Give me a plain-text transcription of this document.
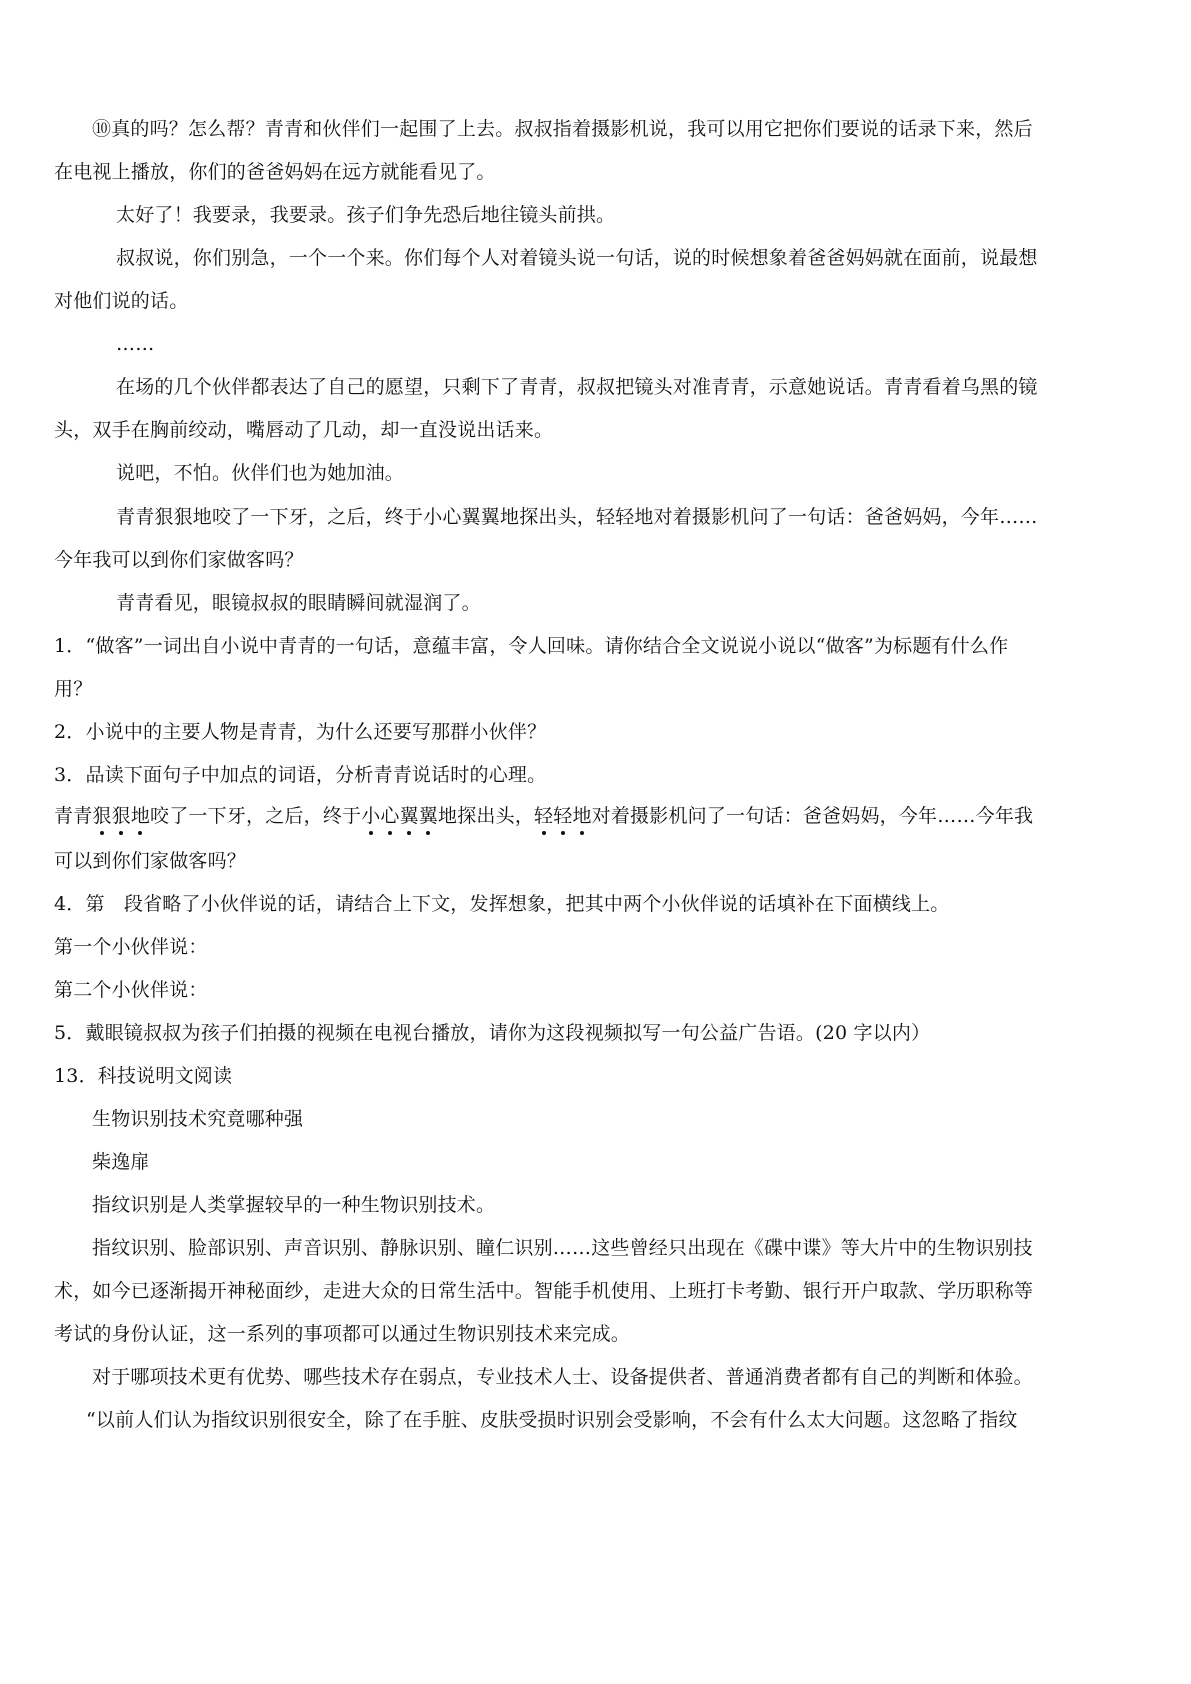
⑩真的吗？怎么帮？青青和伙伴们一起围了上去。叔叔指着摄影机说，我可以用它把你们要说的话录下来，然后
在电视上播放，你们的爸爸妈妈在远方就能看见了。
太好了！我要录，我要录。孩子们争先恐后地往镜头前拱。
叔叔说，你们别急，一个一个来。你们每个人对着镜头说一句话，说的时候想象着爸爸妈妈就在面前，说最想
对他们说的话。
……
在场的几个伙伴都表达了自己的愿望，只剩下了青青，叔叔把镜头对准青青，示意她说话。青青看着乌黑的镜
头，双手在胸前绞动，嘴唇动了几动，却一直没说出话来。
说吧，不怕。伙伴们也为她加油。
青青狠狠地咬了一下牙，之后，终于小心翼翼地探出头，轻轻地对着摄影机问了一句话：爸爸妈妈，今年……
今年我可以到你们家做客吗？
青青看见，眼镜叔叔的眼睛瞬间就湿润了。
1．“做客”一词出自小说中青青的一句话，意蕴丰富，令人回味。请你结合全文说说小说以“做客”为标题有什么作
用？
2．小说中的主要人物是青青，为什么还要写那群小伙伴？
3．品读下面句子中加点的词语，分析青青说话时的心理。
青青狠狠地咬了一下牙，之后，终于小心翼翼地探出头，轻轻地对着摄影机问了一句话：爸爸妈妈，今年……今年我
可以到你们家做客吗？
4．第　段省略了小伙伴说的话，请结合上下文，发挥想象，把其中两个小伙伴说的话填补在下面横线上。
第一个小伙伴说：
第二个小伙伴说：
5．戴眼镜叔叔为孩子们拍摄的视频在电视台播放，请你为这段视频拟写一句公益广告语。(20 字以内）
13．科技说明文阅读
生物识别技术究竟哪种强
柴逸扉
指纹识别是人类掌握较早的一种生物识别技术。
指纹识别、脸部识别、声音识别、静脉识别、瞳仁识别……这些曾经只出现在《碟中谍》等大片中的生物识别技
术，如今已逐渐揭开神秘面纱，走进大众的日常生活中。智能手机使用、上班打卡考勤、银行开户取款、学历职称等
考试的身份认证，这一系列的事项都可以通过生物识别技术来完成。
对于哪项技术更有优势、哪些技术存在弱点，专业技术人士、设备提供者、普通消费者都有自己的判断和体验。
“以前人们认为指纹识别很安全，除了在手脏、皮肤受损时识别会受影响，不会有什么太大问题。这忽略了指纹
